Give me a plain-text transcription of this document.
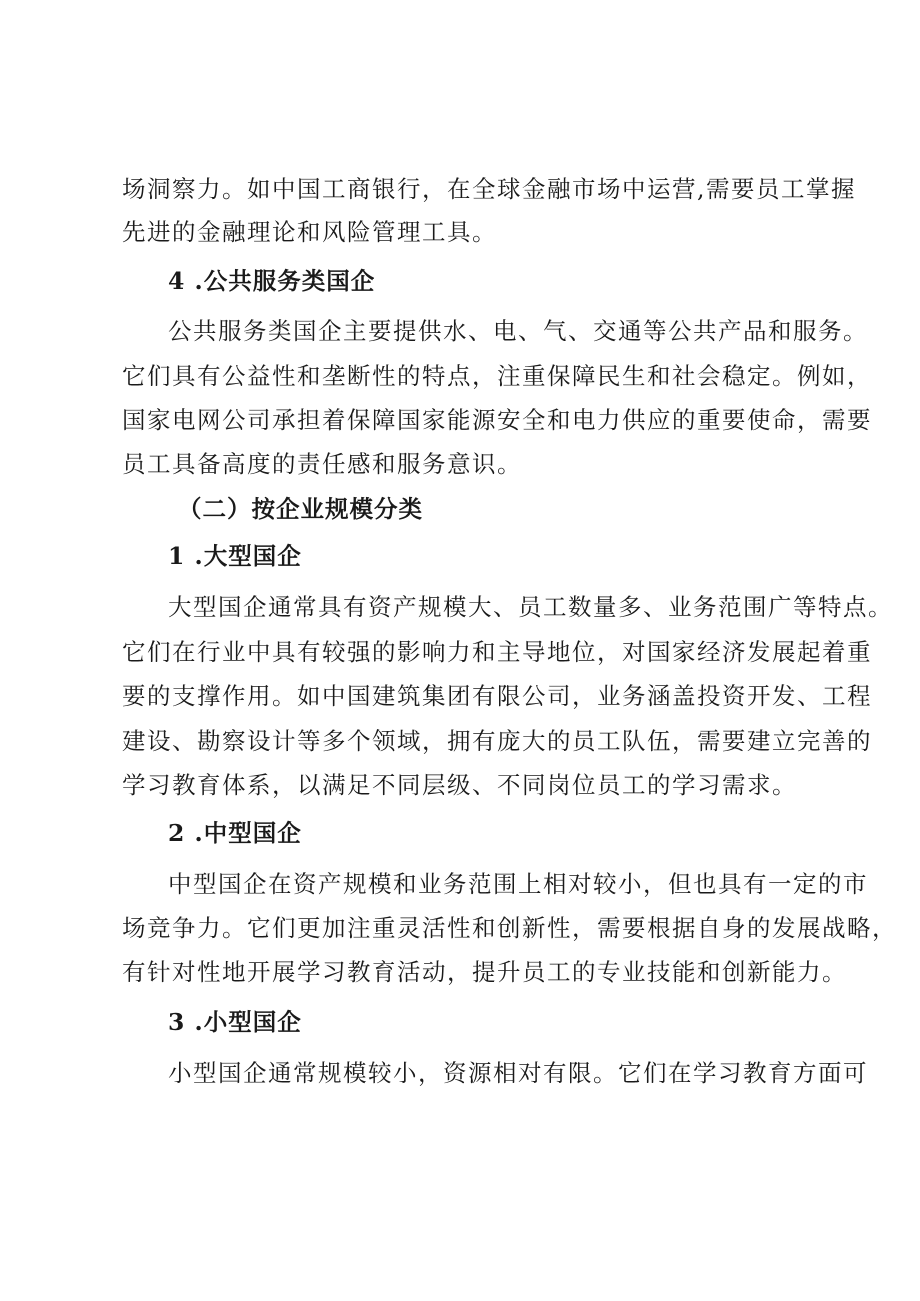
场洞察力。如中国工商银行，在全球金融市场中运营,需要员工掌握
先进的金融理论和风险管理工具。
4 .公共服务类国企
公共服务类国企主要提供水、电、气、交通等公共产品和服务。
它们具有公益性和垄断性的特点，注重保障民生和社会稳定。例如，
国家电网公司承担着保障国家能源安全和电力供应的重要使命，需要
员工具备高度的责任感和服务意识。
（二）按企业规模分类
1 .大型国企
大型国企通常具有资产规模大、员工数量多、业务范围广等特点。
它们在行业中具有较强的影响力和主导地位，对国家经济发展起着重
要的支撑作用。如中国建筑集团有限公司，业务涵盖投资开发、工程
建设、勘察设计等多个领域，拥有庞大的员工队伍，需要建立完善的
学习教育体系，以满足不同层级、不同岗位员工的学习需求。
2 .中型国企
中型国企在资产规模和业务范围上相对较小，但也具有一定的市
场竞争力。它们更加注重灵活性和创新性，需要根据自身的发展战略，
有针对性地开展学习教育活动，提升员工的专业技能和创新能力。
3 .小型国企
小型国企通常规模较小，资源相对有限。它们在学习教育方面可
